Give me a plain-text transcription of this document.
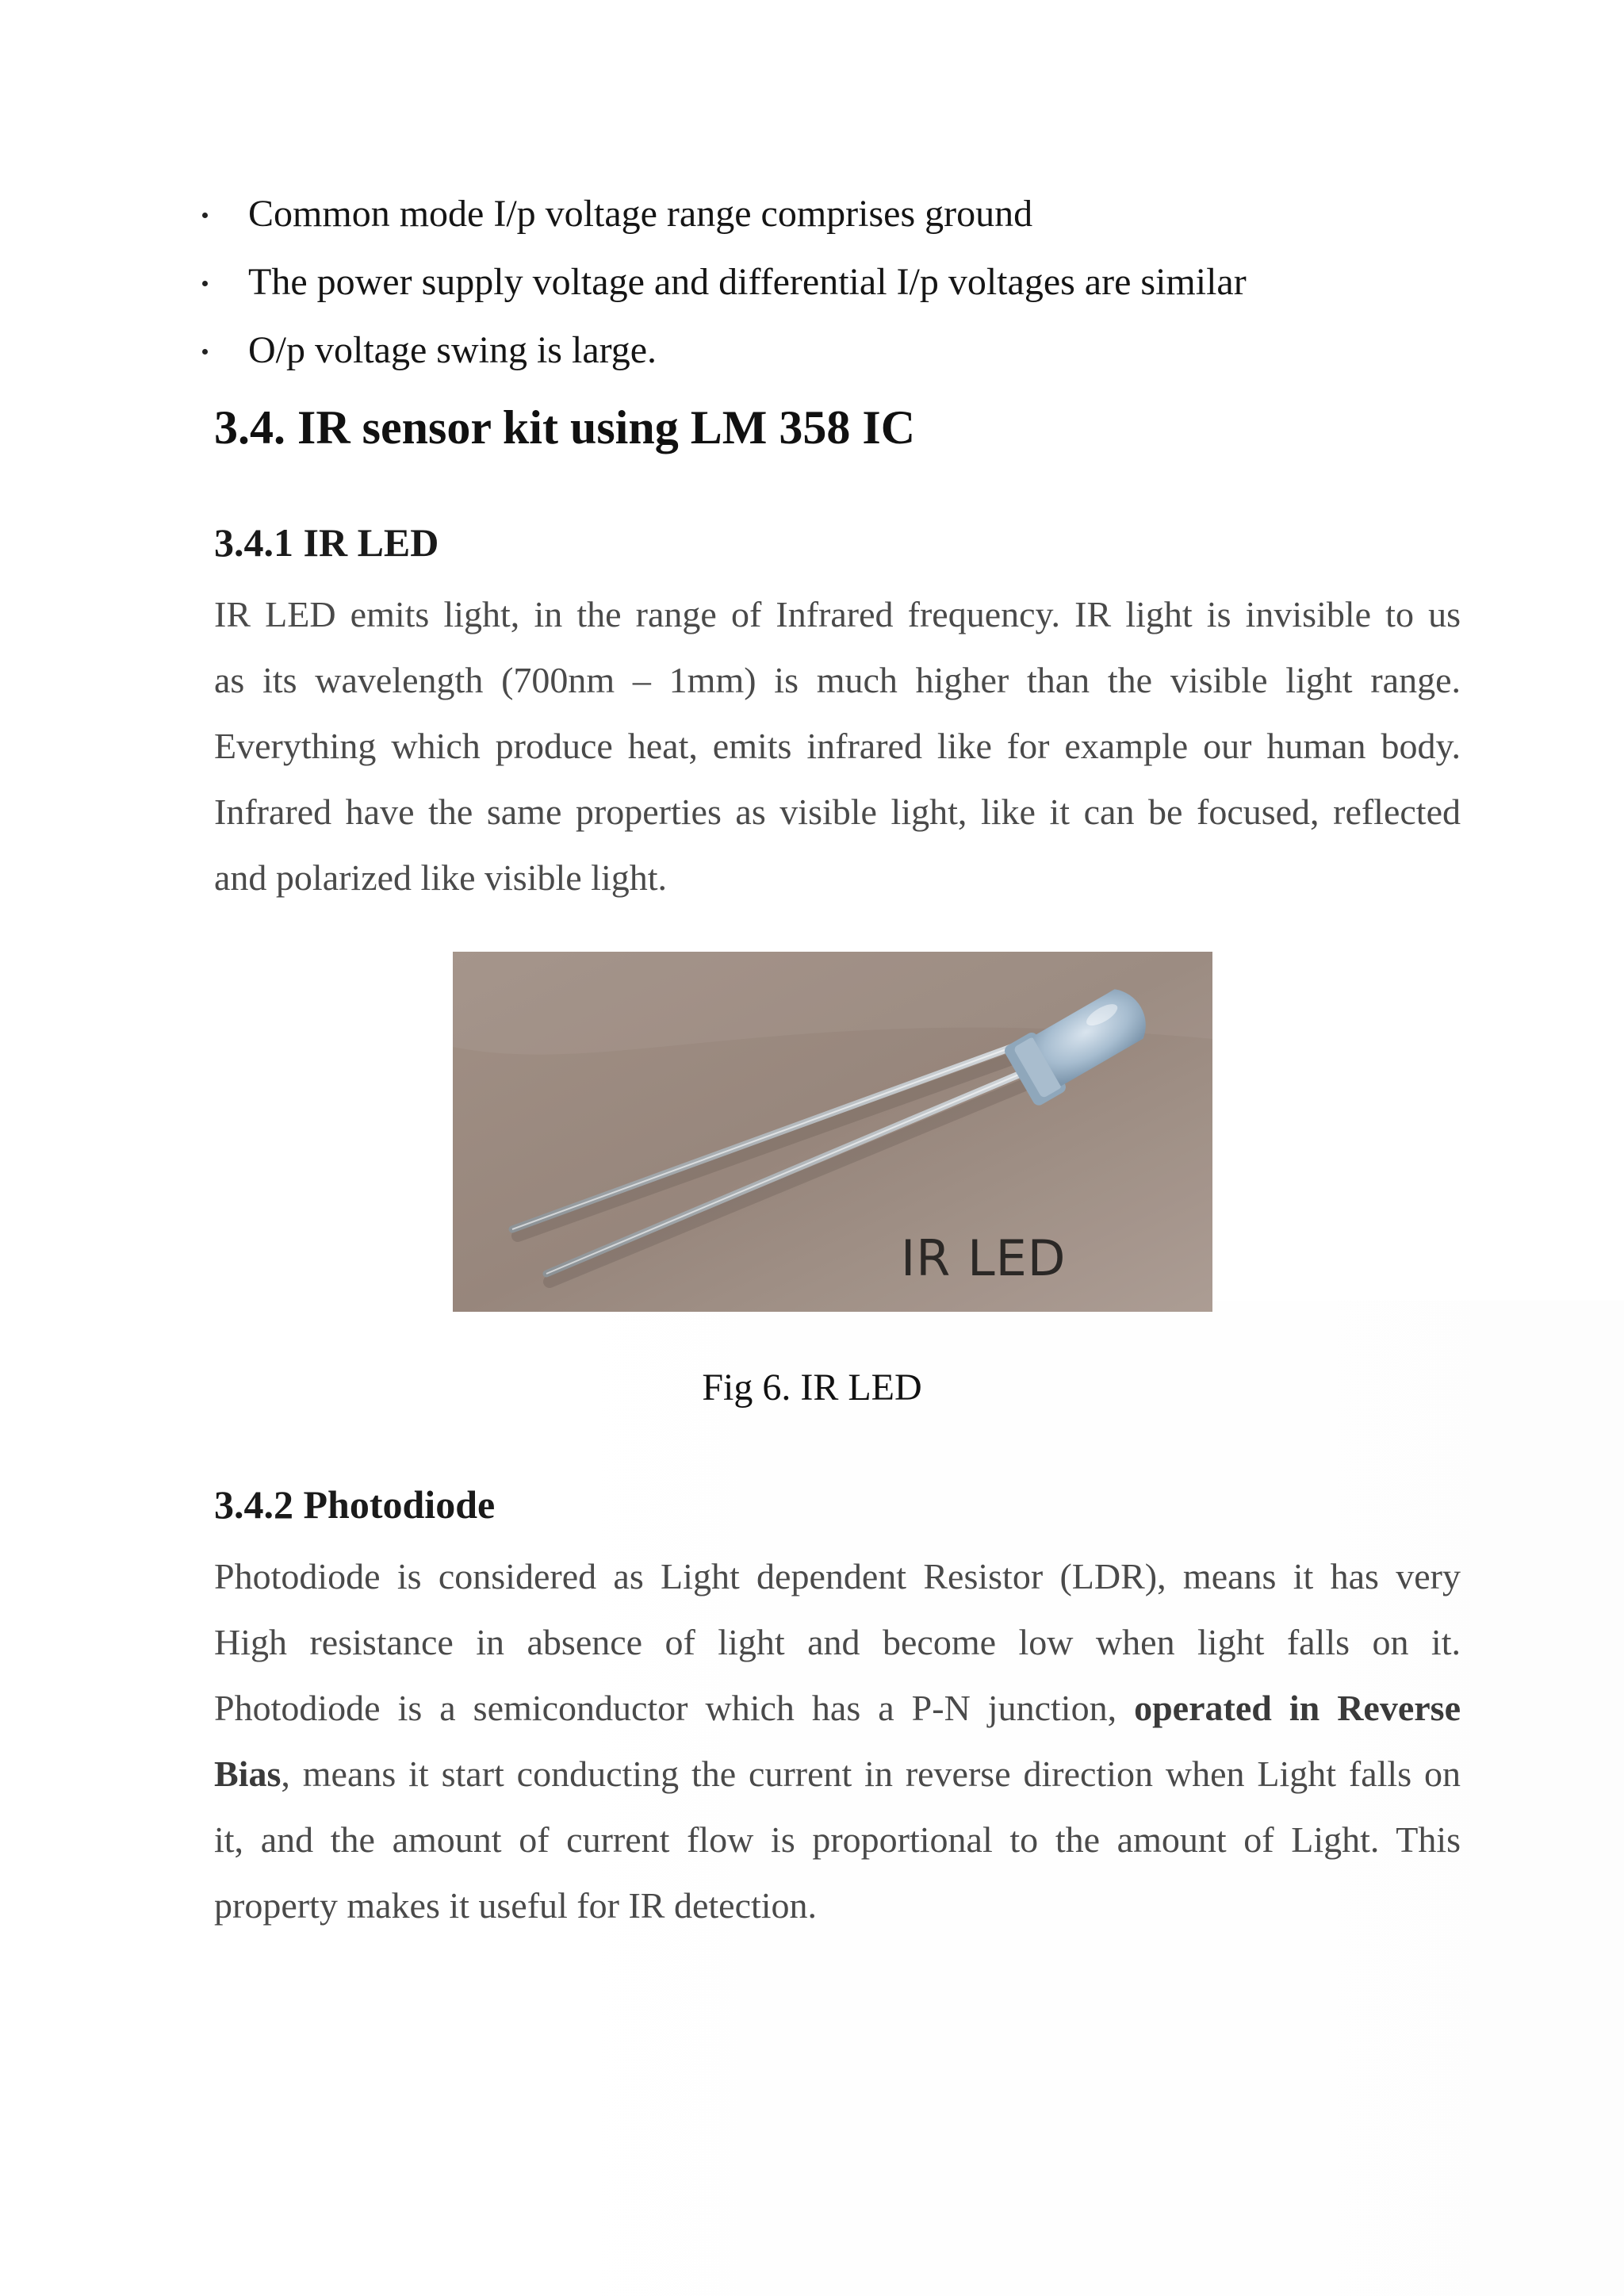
Common mode I/p voltage range comprises ground
The power supply voltage and differential I/p voltages are similar
O/p voltage swing is large.
3.4. IR sensor kit using LM 358 IC
3.4.1 IR LED
IR LED emits light, in the range of Infrared frequency. IR light is invisible to us
as its wavelength (700nm – 1mm) is much higher than the visible light range.
Everything which produce heat, emits infrared like for example our human body.
Infrared have the same properties as visible light, like it can be focused, reflected
and polarized like visible light.
IR LED
Fig 6. IR LED
3.4.2 Photodiode
Photodiode is considered as Light dependent Resistor (LDR), means it has very
High resistance in absence of light and become low when light falls on it.
Photodiode is a semiconductor which has a P-N junction, operated in Reverse
Bias, means it start conducting the current in reverse direction when Light falls on
it, and the amount of current flow is proportional to the amount of Light. This
property makes it useful for IR detection.
